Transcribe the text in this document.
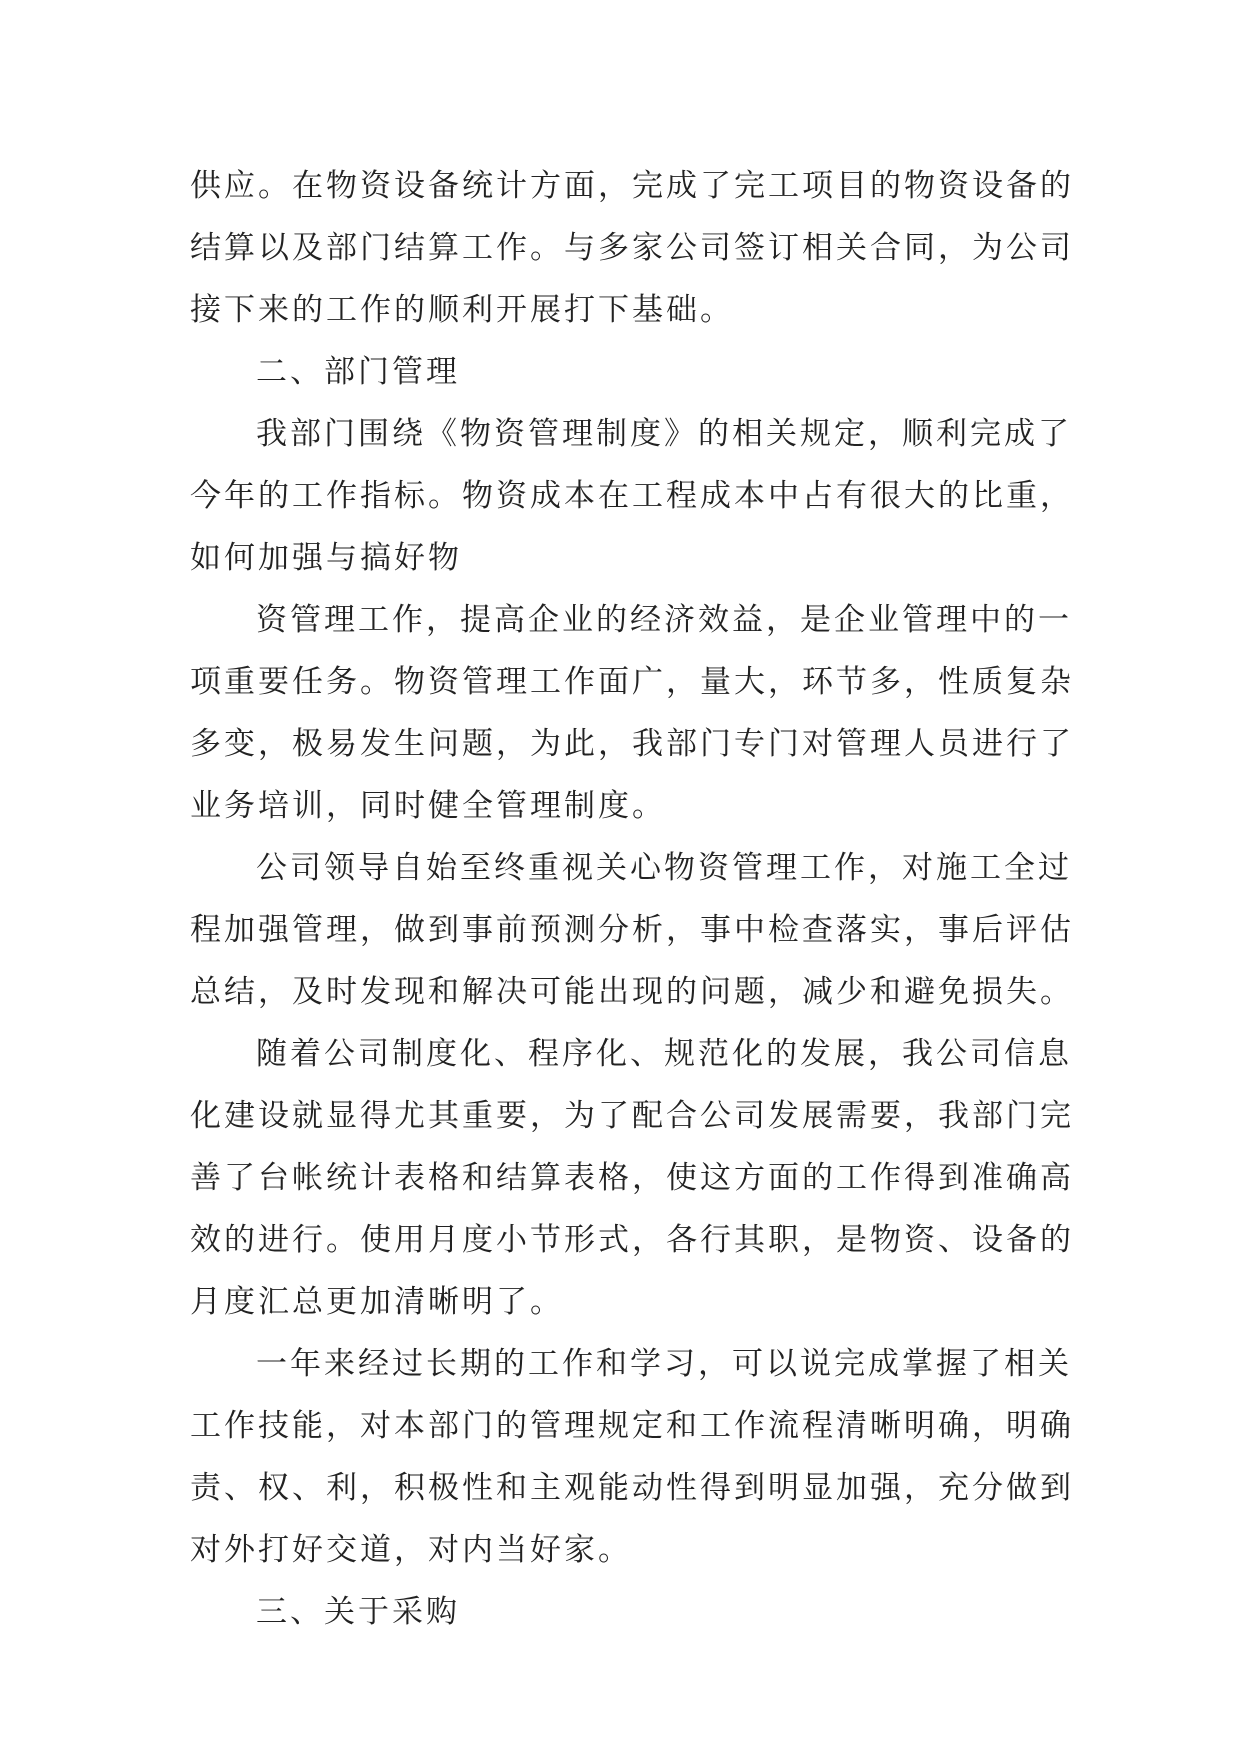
供应。在物资设备统计方面，完成了完工项目的物资设备的
结算以及部门结算工作。与多家公司签订相关合同，为公司
接下来的工作的顺利开展打下基础。
二、部门管理
我部门围绕《物资管理制度》的相关规定，顺利完成了
今年的工作指标。物资成本在工程成本中占有很大的比重，
如何加强与搞好物
资管理工作，提高企业的经济效益，是企业管理中的一
项重要任务。物资管理工作面广，量大，环节多，性质复杂
多变，极易发生问题，为此，我部门专门对管理人员进行了
业务培训，同时健全管理制度。
公司领导自始至终重视关心物资管理工作，对施工全过
程加强管理，做到事前预测分析，事中检查落实，事后评估
总结，及时发现和解决可能出现的问题，减少和避免损失。
随着公司制度化、程序化、规范化的发展，我公司信息
化建设就显得尤其重要，为了配合公司发展需要，我部门完
善了台帐统计表格和结算表格，使这方面的工作得到准确高
效的进行。使用月度小节形式，各行其职，是物资、设备的
月度汇总更加清晰明了。
一年来经过长期的工作和学习，可以说完成掌握了相关
工作技能，对本部门的管理规定和工作流程清晰明确，明确
责、权、利，积极性和主观能动性得到明显加强，充分做到
对外打好交道，对内当好家。
三、关于采购
